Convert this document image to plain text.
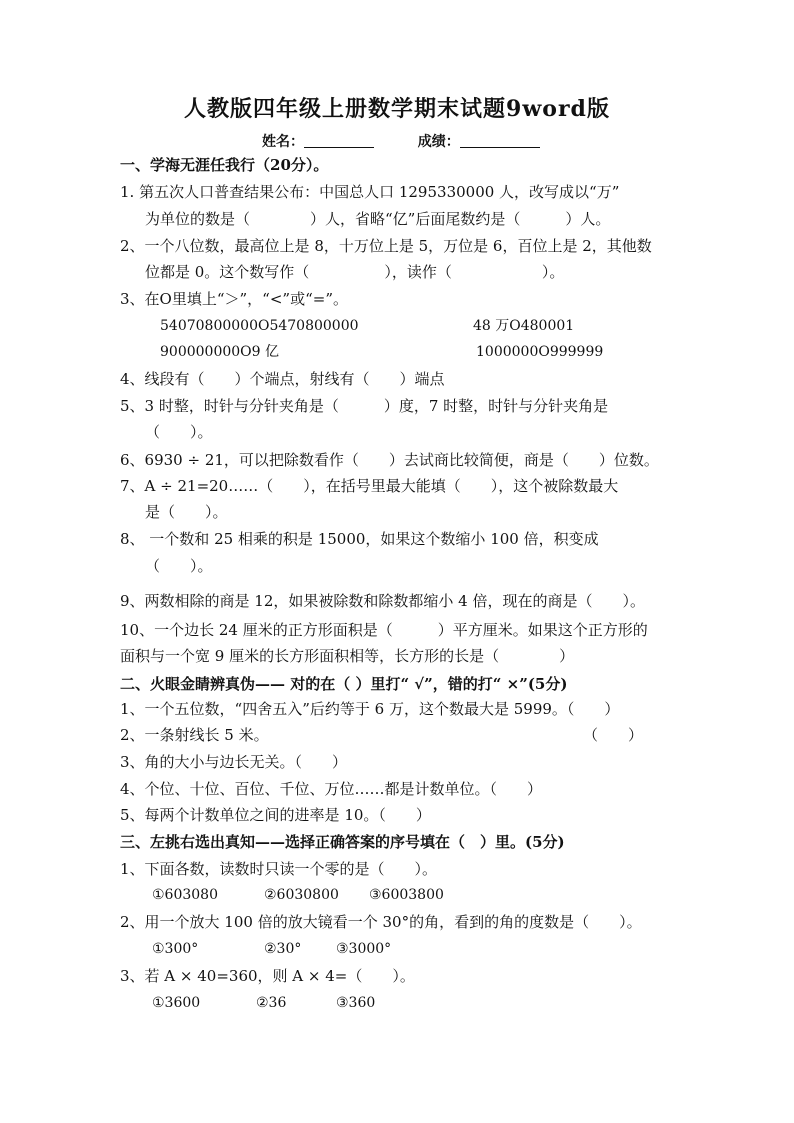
人教版四年级上册数学期末试题9word版
姓名：	成绩：
一、学海无涯任我行（20分）。
1. 第五次人口普查结果公布：中国总人口 1295330000 人，改写成以“万”
为单位的数是（　　　　）人，省略“亿”后面尾数约是（　　　）人。
2、一个八位数，最高位上是 8，十万位上是 5，万位是 6，百位上是 2，其他数
位都是 0。这个数写作（　　　　　），读作（　　　　　　）。
3、在O里填上“＞”，“<”或“=”。
54070800000O5470800000	48 万O480001
900000000O9 亿	1000000O999999
4、线段有（　　）个端点，射线有（　　）端点
5、3 时整，时针与分针夹角是（　　　）度，7 时整，时针与分针夹角是
（　　）。
6、6930 ÷ 21，可以把除数看作（　　）去试商比较简便，商是（　　）位数。
7、A ÷ 21=20……（　　），在括号里最大能填（　　），这个被除数最大
是（　　）。
8、 一个数和 25 相乘的积是 15000，如果这个数缩小 100 倍，积变成
（　　）。
9、两数相除的商是 12，如果被除数和除数都缩小 4 倍，现在的商是（　　）。
10、一个边长 24 厘米的正方形面积是（　　　）平方厘米。如果这个正方形的
面积与一个宽 9 厘米的长方形面积相等，长方形的长是（　　　　）
二、火眼金睛辨真伪—— 对的在（ ）里打“ √”，错的打“ ×”(5分)
1、一个五位数，“四舍五入”后约等于 6 万，这个数最大是 5999。（　　）
2、一条射线长 5 米。	（　　）
3、角的大小与边长无关。（　　）
4、个位、十位、百位、千位、万位……都是计数单位。（　　）
5、每两个计数单位之间的进率是 10。（　　）
三、左挑右选出真知——选择正确答案的序号填在（　）里。(5分)
1、下面各数，读数时只读一个零的是（　　）。
①603080	②6030800 ③6003800
2、用一个放大 100 倍的放大镜看一个 30°的角，看到的角的度数是（　　）。
①300°	②30° ③3000°
3、若 A × 40=360，则 A × 4=（　　）。
①3600	②36	③360
